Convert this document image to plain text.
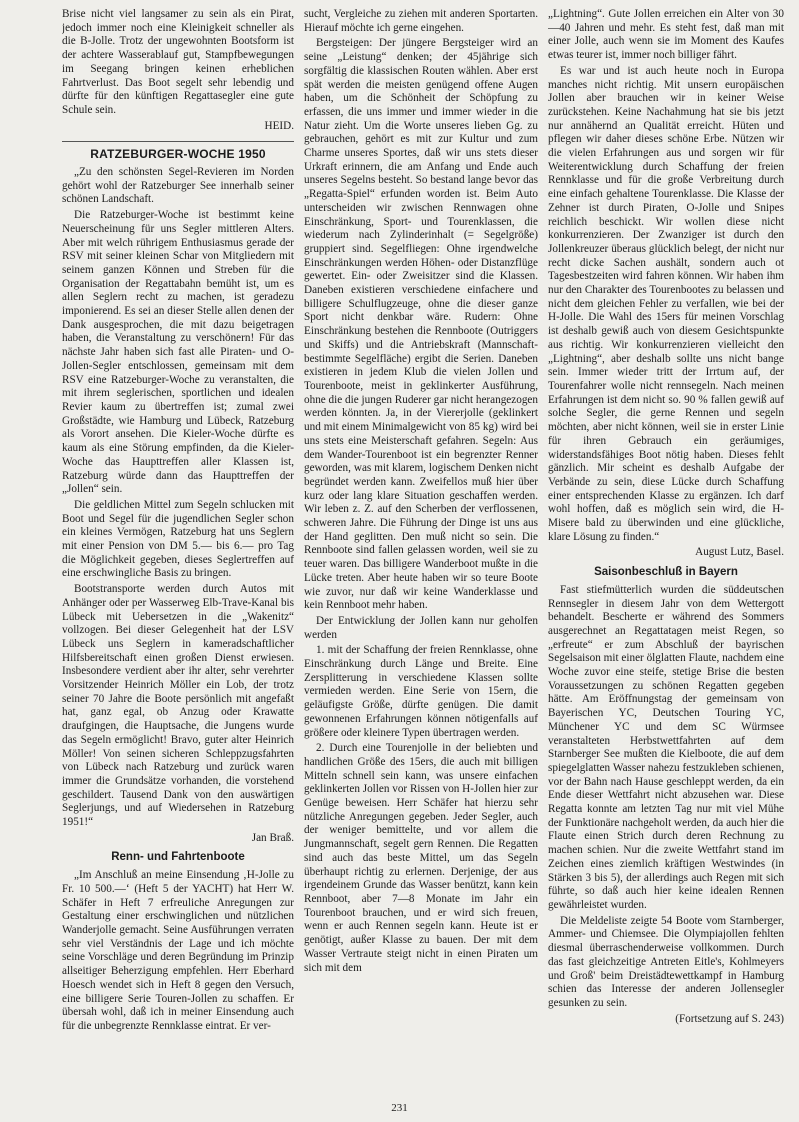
Brise nicht viel langsamer zu sein als ein Pirat, jedoch immer noch eine Kleinigkeit schneller als die B-Jolle. Trotz der ungewohnten Bootsform ist der achtere Wasserablauf gut, Stampfbewegungen im Seegang bringen keinen erheblichen Fahrtverlust. Das Boot segelt sehr lebendig und dürfte für den künftigen Regattasegler eine gute Schule sein.

HEID.
RATZEBURGER-WOCHE 1950

„Zu den schönsten Segel-Revieren im Norden gehört wohl der Ratzeburger See innerhalb seiner schönen Landschaft.

Die Ratzeburger-Woche ist bestimmt keine Neuerscheinung für uns Segler mittleren Alters. Aber mit welch rührigem Enthusiasmus gerade der RSV mit seiner kleinen Schar von Mitgliedern mit seinem ganzen Können und Streben für die Organisation der Regattabahn bemüht ist, um es allen Seglern recht zu machen, ist geradezu imponierend. Es sei an dieser Stelle allen denen der Dank ausgesprochen, die mit dazu beigetragen haben, die Veranstaltung zu verschönern! Für das nächste Jahr haben sich fast alle Piraten- und O-Jollen-Segler entschlossen, gemeinsam mit dem RSV eine Ratzeburger-Woche zu veranstalten, die mit ihrem seglerischen, sportlichen und idealen Revier kaum zu übertreffen ist; zumal zwei Großstädte, wie Hamburg und Lübeck, Ratzeburg als Vorort ansehen. Die Kieler-Woche dürfte es kaum als eine Störung empfinden, da die Kieler-Woche das Haupttreffen aller Klassen ist, Ratzeburg würde dann das Haupttreffen der „Jollen“ sein.

Die geldlichen Mittel zum Segeln schlucken mit Boot und Segel für die jugendlichen Segler schon ein kleines Vermögen, Ratzeburg hat uns Seglern mit einer Pension von DM 5.— bis 6.— pro Tag die Möglichkeit gegeben, dieses Seglertreffen auf eine erschwingliche Basis zu bringen.

Bootstransporte werden durch Autos mit Anhänger oder per Wasserweg Elb-Trave-Kanal bis Lübeck mit Uebersetzen in die „Wakenitz“ vollzogen. Bei dieser Gelegenheit hat der LSV Lübeck uns Seglern in kameradschaftlicher Hilfsbereitschaft einen großen Dienst erwiesen. Insbesondere verdient aber ihr alter, sehr verehrter Vorsitzender Heinrich Möller ein Lob, der trotz seiner 70 Jahre die Boote persönlich mit angefaßt hat, ganz egal, ob Anzug oder Krawatte draufgingen, die Hauptsache, die Jungens wurde das Segeln ermöglicht! Bravo, guter alter Heinrich Möller! Von seinen sicheren Schleppzugsfahrten von Lübeck nach Ratzeburg und zurück waren immer die Grundsätze vorhanden, die vorstehend geschildert. Tausend Dank von den auswärtigen Seglerjungs, und auf Wiedersehen in Ratzeburg 1951!“

Jan Braß.
Renn- und Fahrtenboote

„Im Anschluß an meine Einsendung ‚H-Jolle zu Fr. 10 500.—‘ (Heft 5 der YACHT) hat Herr W. Schäfer in Heft 7 erfreuliche Anregungen zur Gestaltung einer erschwinglichen und nützlichen Wanderjolle gemacht. Seine Ausführungen verraten sehr viel Verständnis der Lage und ich möchte seine Vorschläge und deren Begründung im Prinzip allseitiger Beherzigung empfehlen. Herr Eberhard Hoesch wendet sich in Heft 8 gegen den Versuch, eine billigere Serie Touren-Jollen zu schaffen. Er übersah wohl, daß ich in meiner Einsendung auch für die unbegrenzte Rennklasse eintrat. Er ver-

sucht, Vergleiche zu ziehen mit anderen Sportarten. Hierauf möchte ich gerne eingehen.

Bergsteigen: Der jüngere Bergsteiger wird an seine „Leistung“ denken; der 45jährige sich sorgfältig die klassischen Routen wählen. Aber erst spät werden die meisten genügend offene Augen haben, um die Schönheit der Schöpfung zu erfassen, die uns immer und immer wieder in die Natur zieht. Um die Worte unseres lieben Gg. zu gebrauchen, gehört es mit zur Kultur und zum Charme unseres Sportes, daß wir uns stets dieser Urkraft erinnern, die am Anfang und Ende auch unseres Segelns besteht. So bestand lange bevor das „Regatta-Spiel“ erfunden worden ist. Beim Auto unterscheiden wir zwischen Rennwagen ohne Einschränkung, Sport- und Tourenklassen, die wiederum nach Zylinderinhalt (= Segelgröße) gruppiert sind. Segelfliegen: Ohne irgendwelche Einschränkungen werden Höhen- oder Distanzflüge gewertet. Ein- oder Zweisitzer sind die Klassen. Daneben existieren verschiedene einfachere und billigere Schulflugzeuge, ohne die dieser ganze Sport nicht denkbar wäre. Rudern: Ohne Einschränkung bestehen die Rennboote (Outriggers und Skiffs) und die Antriebskraft (Mannschaft-bestimmte Segelfläche) ergibt die Serien. Daneben existieren in jedem Klub die vielen Jollen und Tourenboote, meist in geklinkerter Ausführung, ohne die die jungen Ruderer gar nicht herangezogen werden könnten. Ja, in der Viererjolle (geklinkert und mit einem Minimalgewicht von 85 kg) wird bei uns stets eine Meisterschaft gefahren. Segeln: Aus dem Wander-Tourenboot ist ein begrenzter Renner geworden, was mit klarem, logischem Denken nicht begründet werden kann. Zweifellos muß hier über kurz oder lang klare Situation geschaffen werden. Wir leben z. Z. auf den Scherben der verflossenen, schweren Jahre. Die Führung der Dinge ist uns aus der Hand geglitten. Den muß nicht so sein. Die Rennboote sind fallen gelassen worden, weil sie zu teuer waren. Das billigere Wanderboot mußte in die Lücke treten. Aber heute haben wir so teure Boote wie zuvor, nur daß wir keine Wanderklasse und kein Rennboot mehr haben.

Der Entwicklung der Jollen kann nur geholfen werden

1. mit der Schaffung der freien Rennklasse, ohne Einschränkung durch Länge und Breite. Eine Zersplitterung in verschiedene Klassen sollte vermieden werden. Eine Serie von 15ern, die geläufigste Größe, dürfte genügen. Die damit gewonnenen Erfahrungen können nötigenfalls auf größere oder kleinere Typen übertragen werden.

2. Durch eine Tourenjolle in der beliebten und handlichen Größe des 15ers, die auch mit billigen Mitteln schnell sein kann, was unsere einfachen geklinkerten Jollen vor Rissen von H-Jollen hier zur Genüge beweisen. Herr Schäfer hat hierzu sehr nützliche Anregungen gegeben. Jeder Segler, auch der weniger bemittelte, und vor allem die Jungmannschaft, segelt gern Rennen. Die Regatten sind auch das beste Mittel, um das Segeln überhaupt richtig zu erlernen. Derjenige, der aus irgendeinem Grunde das Wasser benützt, kann kein Rennboot, aber 7—8 Monate im Jahr ein Tourenboot brauchen, und er wird sich freuen, wenn er auch Rennen segeln kann. Heute ist er genötigt, außer Klasse zu bauen. Der mit dem Wasser Vertraute steigt nicht in einen Piraten um sich mit dem

„Lightning“. Gute Jollen erreichen ein Alter von 30—40 Jahren und mehr. Es steht fest, daß man mit einer Jolle, auch wenn sie im Moment des Kaufes etwas teurer ist, immer noch billiger fährt.

Es war und ist auch heute noch in Europa manches nicht richtig. Mit unsern europäischen Jollen aber brauchen wir in keiner Weise zurückstehen. Keine Nachahmung hat sie bis jetzt nur annähernd an Qualität erreicht. Hüten und pflegen wir daher dieses schöne Erbe. Nützen wir die vielen Erfahrungen aus und sorgen wir für Weiterentwicklung durch Schaffung der freien Rennklasse und für die große Verbreitung durch eine einfach gehaltene Tourenklasse. Die Klasse der Zehner ist durch Piraten, O-Jolle und Snipes reichlich beschickt. Wir wollen diese nicht konkurrenzieren. Der Zwanziger ist durch den Jollenkreuzer überaus glücklich belegt, der nicht nur recht dicke Sachen aushält, sondern auch ot Tagesbestzeiten wird fahren können. Wir haben ihm nur den Charakter des Tourenbootes zu belassen und nicht dem gleichen Fehler zu verfallen, wie bei der H-Jolle. Die Wahl des 15ers für meinen Vorschlag ist deshalb gewiß auch von diesem Gesichtspunkte aus richtig. Wir konkurrenzieren vielleicht den „Lightning“, aber deshalb sollte uns nicht bange sein. Immer wieder tritt der Irrtum auf, der Tourenfahrer wolle nicht rennsegeln. Nach meinen Erfahrungen ist dem nicht so. 90 % fallen gewiß auf solche Segler, die gerne Rennen und segeln möchten, aber nicht können, weil sie in erster Linie für ihren Gebrauch ein geräumiges, widerstandsfähiges Boot nötig haben. Dieses fehlt gänzlich. Mir scheint es deshalb Aufgabe der Verbände zu sein, diese Lücke durch Schaffung einer entsprechenden Klasse zu ergänzen. Ich darf wohl hoffen, daß es möglich sein wird, die H-Misere bald zu überwinden und eine glückliche, klare Lösung zu finden.“

August Lutz, Basel.
Saisonbeschluß in Bayern

Fast stiefmütterlich wurden die süddeutschen Rennsegler in diesem Jahr von dem Wettergott behandelt. Bescherte er während des Sommers ausgerechnet an Regattatagen meist Regen, so „erfreute“ er zum Abschluß der bayrischen Segelsaison mit einer ölglatten Flaute, nachdem eine Woche zuvor eine steife, stetige Brise die besten Voraussetzungen zu schönen Regatten gegeben hätte. Am Eröffnungstag der gemeinsam von Bayerischen YC, Deutschen Touring YC, Münchener YC und dem SC Würmsee veranstalteten Herbstwettfahrten auf dem Starnberger See mußten die Kielboote, die auf dem spiegelglatten Wasser nahezu festzukleben schienen, vor der Bahn nach Hause geschleppt werden, da ein Ende dieser Wettfahrt nicht abzusehen war. Diese Regatta konnte am letzten Tag nur mit viel Mühe der Funktionäre nachgeholt werden, da auch hier die Flaute einen Strich durch deren Rechnung zu machen schien. Nur die zweite Wettfahrt stand im Zeichen eines ziemlich kräftigen Westwindes (in Stärken 3 bis 5), der allerdings auch Regen mit sich führte, so daß auch hier keine idealen Rennen gewährleistet wurden.

Die Meldeliste zeigte 54 Boote vom Starnberger, Ammer- und Chiemsee. Die Olympiajollen fehlten diesmal überraschenderweise vollkommen. Durch das fast gleichzeitige Antreten Eitle's, Kohlmeyers und Groß' beim Dreistädtewettkampf in Hamburg schien das Interesse der anderen Jollensegler gesunken zu sein.

(Fortsetzung auf S. 243)
231
